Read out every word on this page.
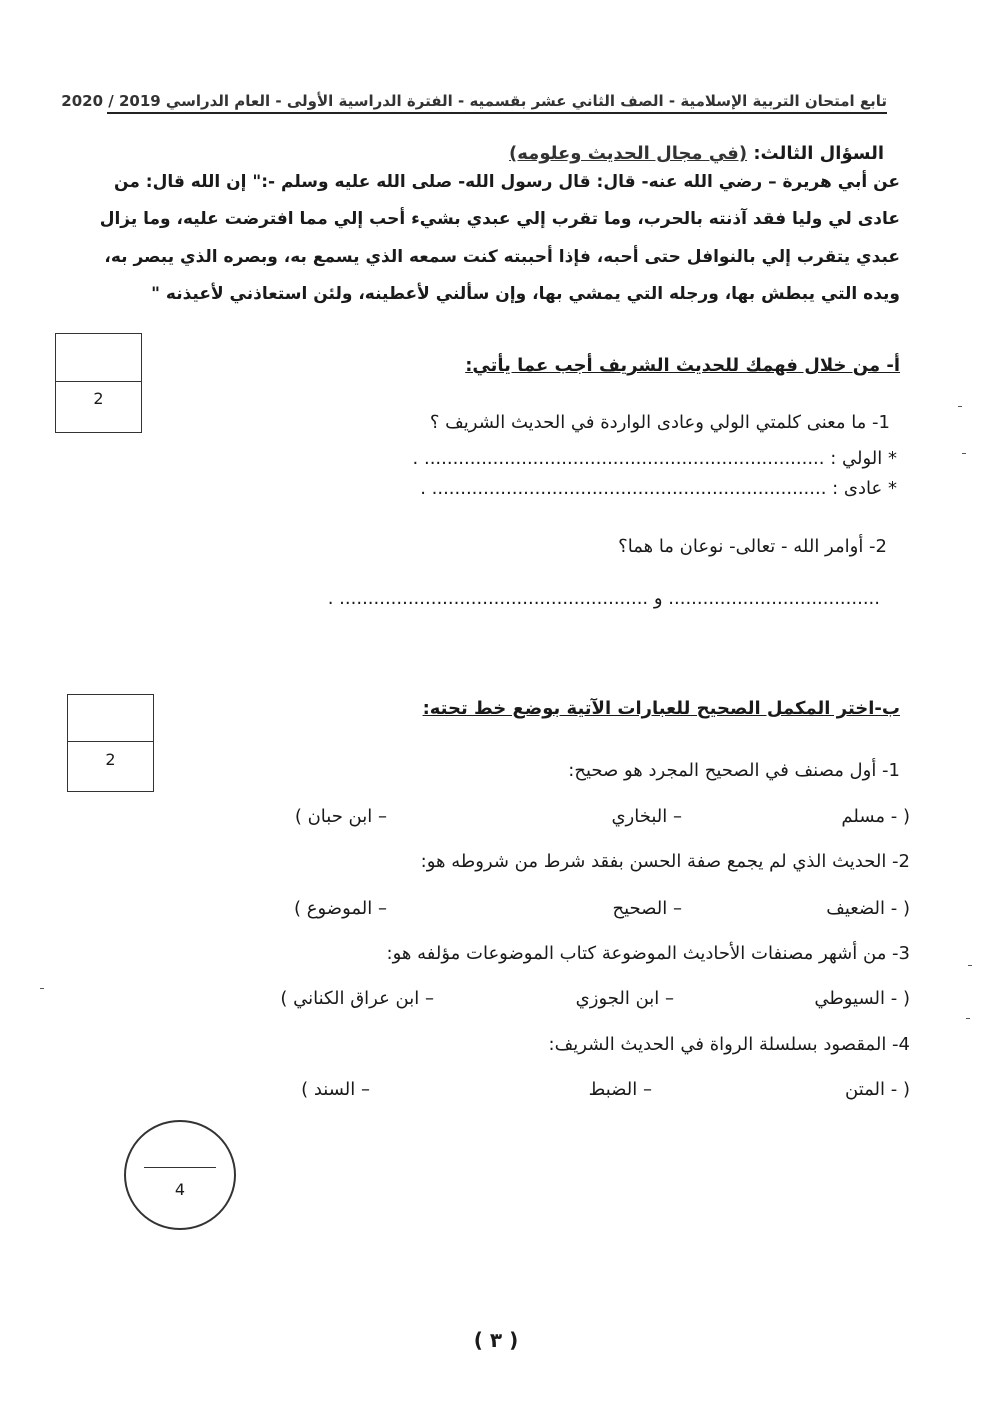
تابع امتحان التربية الإسلامية - الصف الثاني عشر بقسميه - الفترة الدراسية الأولى - العام الدراسي 2019 / 2020
السؤال الثالث: (في مجال الحديث وعلومه)
عن أبي هريرة – رضي الله عنه- قال: قال رسول الله- صلى الله عليه وسلم -:" إن الله قال: من
عادى لي وليا فقد آذنته بالحرب، وما تقرب إلي عبدي بشيء أحب إلي مما افترضت عليه، وما يزال
عبدي يتقرب إلي بالنوافل حتى أحبه، فإذا أحببته كنت سمعه الذي يسمع به، وبصره الذي يبصر به،
ويده التي يبطش بها، ورجله التي يمشي بها، وإن سألني لأعطينه، ولئن استعاذني لأعيذنه "
أ- من خلال فهمك للحديث الشريف أجب عما يأتي:
2
1- ما معنى كلمتي الولي وعادى الواردة في الحديث الشريف ؟
* الولي : ...................................................................... .
* عادى : ..................................................................... .
2- أوامر الله - تعالى- نوعان ما هما؟
..................................... و ...................................................... .
ب-اختر المكمل الصحيح للعبارات الآتية بوضع خط تحته:
2
1- أول مصنف في الصحيح المجرد هو صحيح:
( - مسلم
– البخاري
– ابن حبان )
2- الحديث الذي لم يجمع صفة الحسن بفقد شرط من شروطه هو:
( - الضعيف
– الصحيح
– الموضوع )
3- من أشهر مصنفات الأحاديث الموضوعة كتاب الموضوعات مؤلفه هو:
( - السيوطي
– ابن الجوزي
– ابن عراق الكناني )
4- المقصود بسلسلة الرواة في الحديث الشريف:
( - المتن
– الضبط
– السند )
4
( ٣ )
